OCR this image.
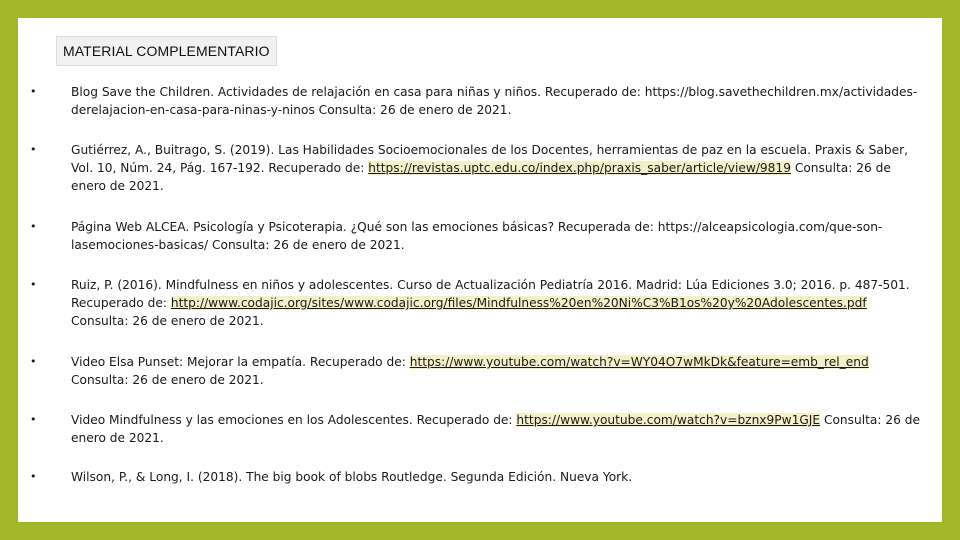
MATERIAL COMPLEMENTARIO
•	Blog Save the Children. Actividades de relajación en casa para niñas y niños. Recuperado de: https://blog.savethechildren.mx/actividades-derelajacion-en-casa-para-ninas-y-ninos Consulta: 26 de enero de 2021.
•	Gutiérrez, A., Buitrago, S. (2019). Las Habilidades Socioemocionales de los Docentes, herramientas de paz en la escuela. Praxis & Saber, Vol. 10, Núm. 24, Pág. 167-192. Recuperado de: https://revistas.uptc.edu.co/index.php/praxis_saber/article/view/9819 Consulta: 26 de enero de 2021.
•	Página Web ALCEA. Psicología y Psicoterapia. ¿Qué son las emociones básicas? Recuperada de: https://alceapsicologia.com/que-son-lasemociones-basicas/ Consulta: 26 de enero de 2021.
•	Ruiz, P. (2016). Mindfulness en niños y adolescentes. Curso de Actualización Pediatría 2016. Madrid: Lúa Ediciones 3.0; 2016. p. 487-501. Recuperado de: http://www.codajic.org/sites/www.codajic.org/files/Mindfulness%20en%20Ni%C3%B1os%20y%20Adolescentes.pdf Consulta: 26 de enero de 2021.
•	Video Elsa Punset: Mejorar la empatía. Recuperado de: https://www.youtube.com/watch?v=WY04O7wMkDk&feature=emb_rel_end Consulta: 26 de enero de 2021.
•	Video Mindfulness y las emociones en los Adolescentes. Recuperado de: https://www.youtube.com/watch?v=bznx9Pw1GJE Consulta: 26 de enero de 2021.
•	Wilson, P., & Long, I. (2018). The big book of blobs Routledge. Segunda Edición. Nueva York.
